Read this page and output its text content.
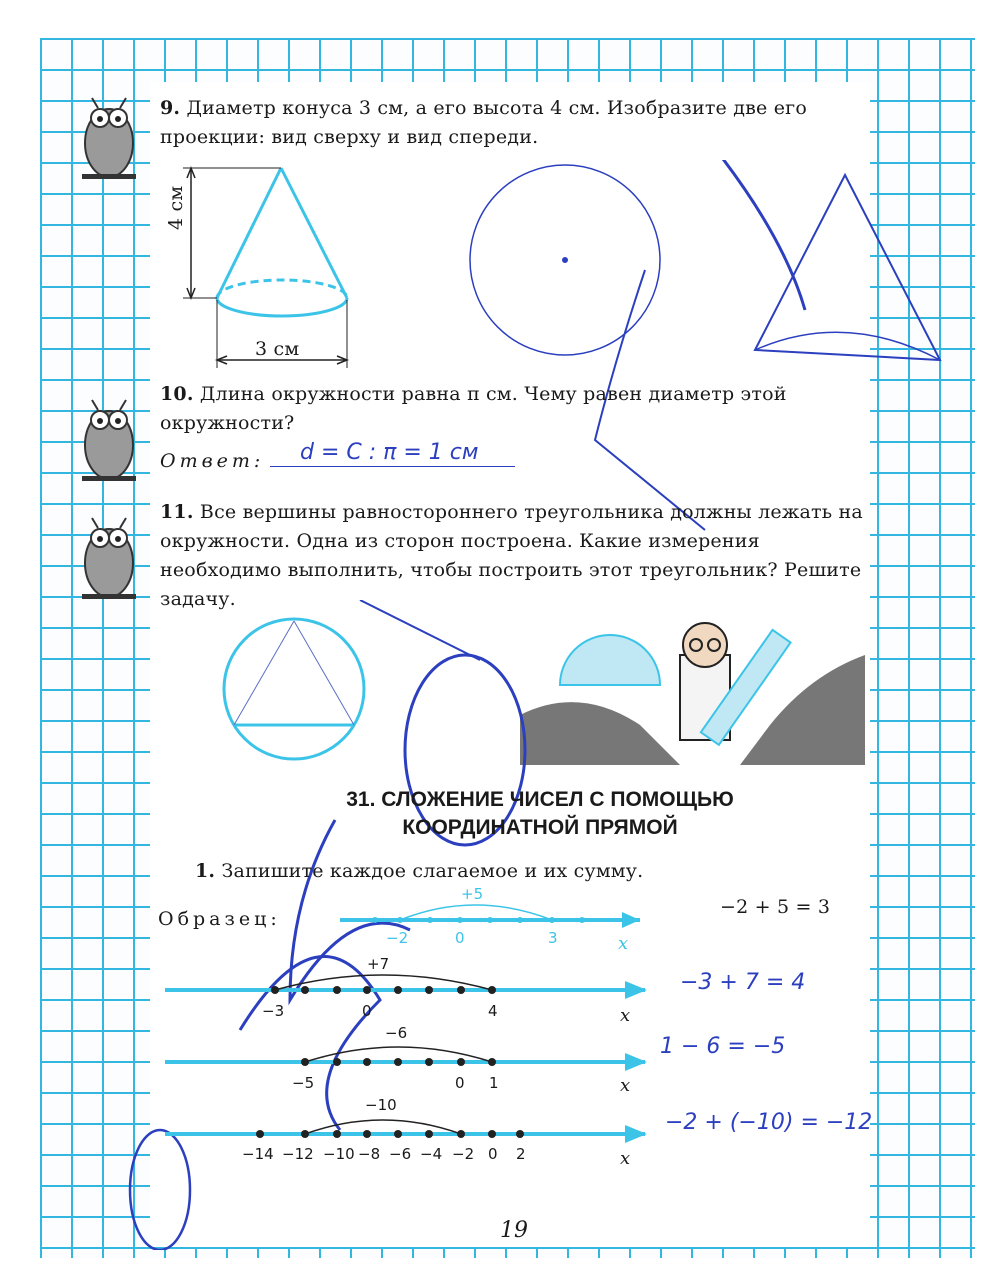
9. Диаметр конуса 3 см, а его высота 4 см. Изобразите две его проекции: вид сверху и вид спереди.
4 см
3 см
10. Длина окружности равна π см. Чему равен диаметр этой окружности?
Ответ: d = C : π = 1 см
11. Все вершины равностороннего треугольника должны лежать на окружности. Одна из сторон построена. Какие измерения необходимо выполнить, чтобы построить этот треугольник? Решите задачу.
31. СЛОЖЕНИЕ ЧИСЕЛ С ПОМОЩЬЮ
КООРДИНАТНОЙ ПРЯМОЙ
1. Запишите каждое слагаемое и их сумму.
Образец:
−2 + 5 = 3
+5
−2	0	3	x
+7
−3	0	4	x
−3 + 7 = 4
−6
−5	0 1	x
1 − 6 = −5
−10
−14 −12 −10 −8 −6 −4 −2 0 2	x
−2 + (−10) = −12
19
